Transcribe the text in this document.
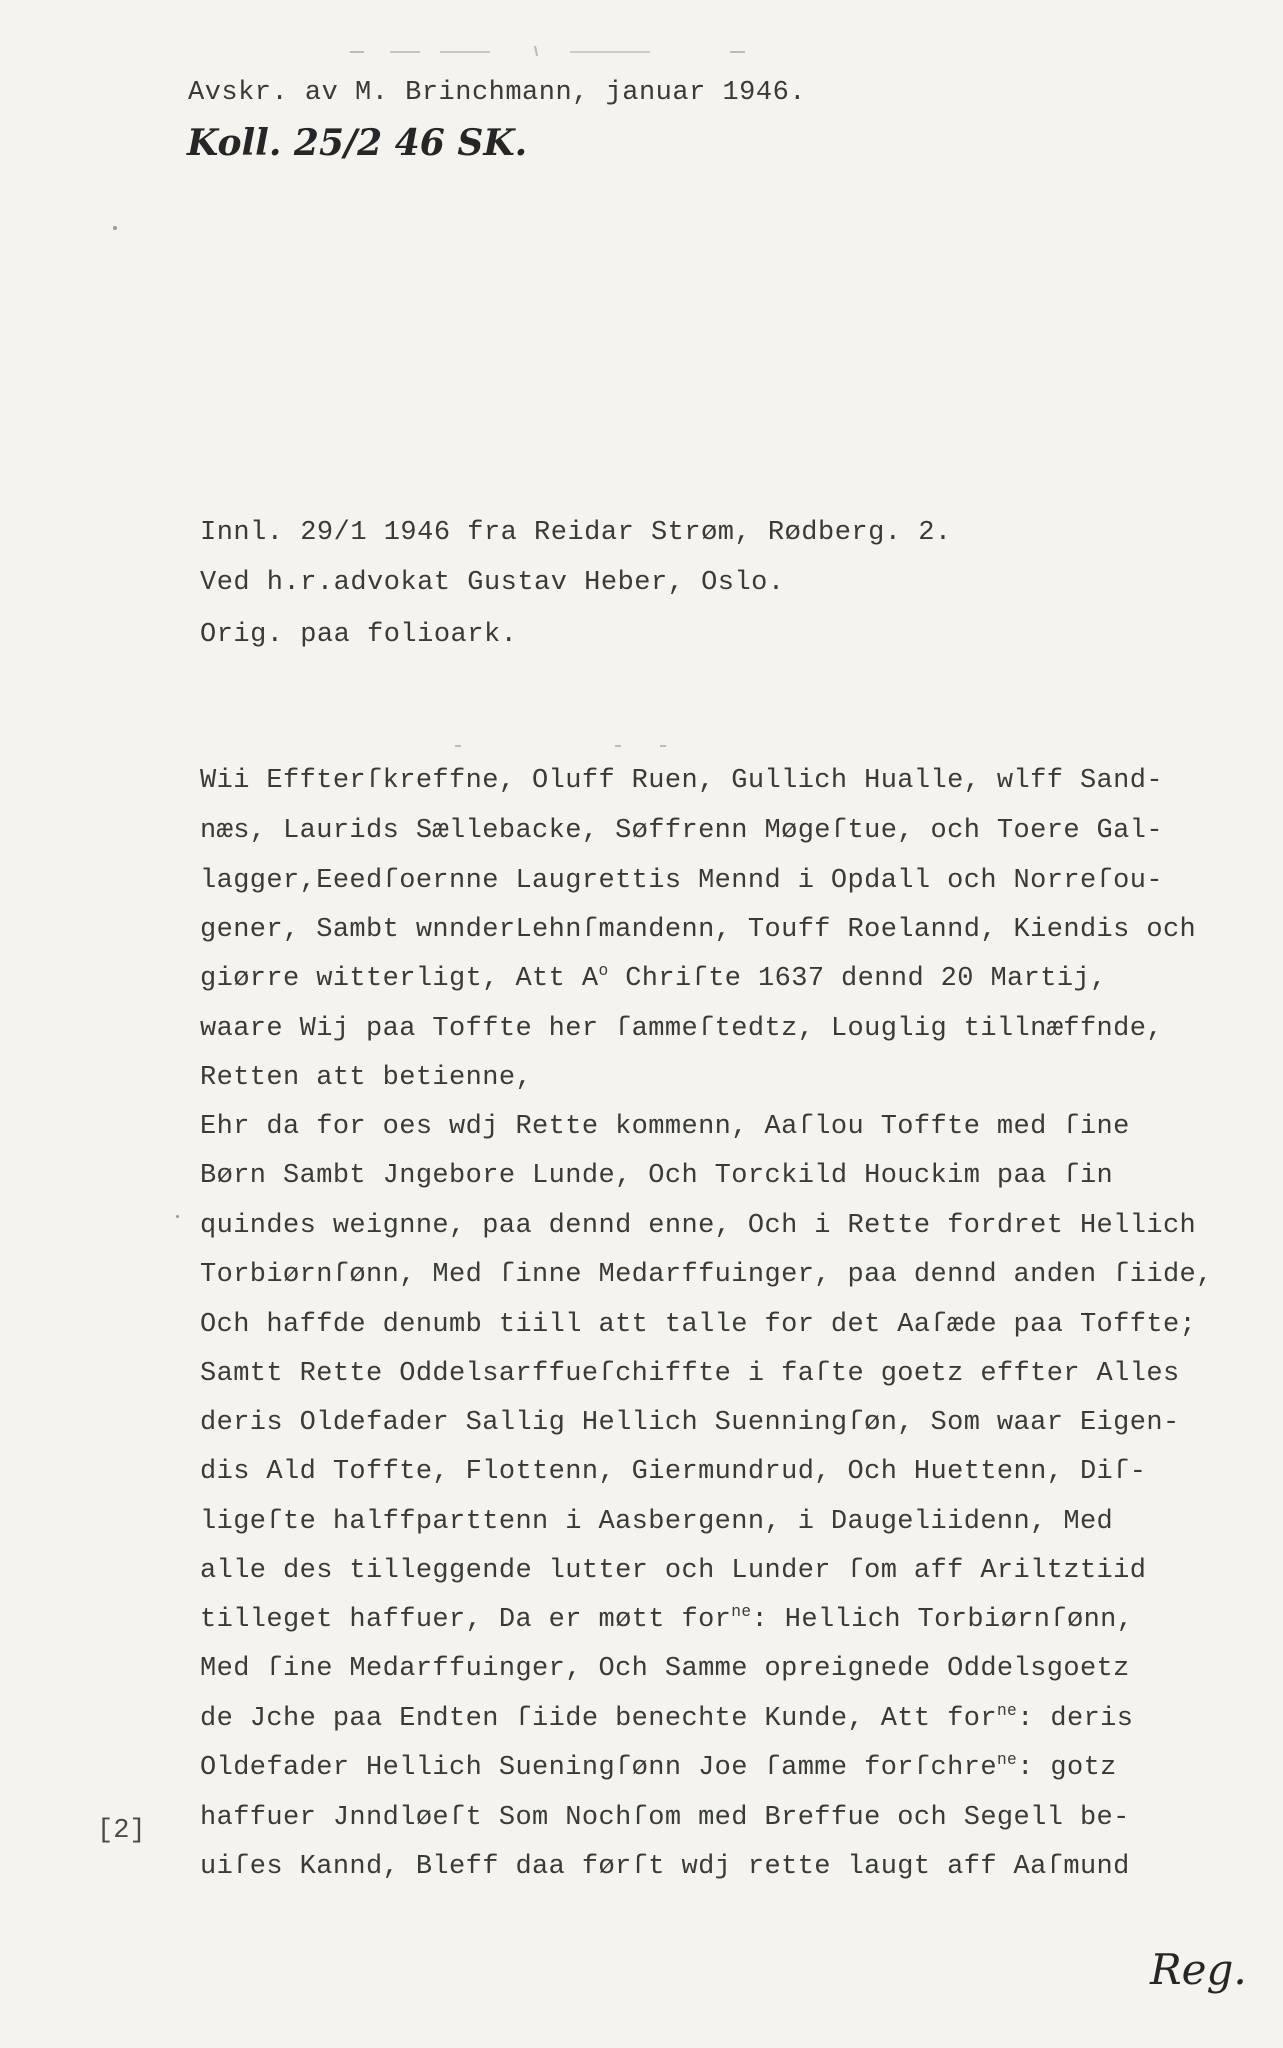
Avskr. av M. Brinchmann, januar 1946.
Koll. 25/2 46 SK.
Innl. 29/1 1946 fra Reidar Strøm, Rødberg. 2.
Ved h.r.advokat Gustav Heber, Oslo.
Orig. paa folioark.
Wii Effterſkreffne, Oluff Ruen, Gullich Hualle, wlff Sand-
næs, Laurids Sællebacke, Søffrenn Møgeſtue, och Toere Gal-
lagger,Eeedſoernne Laugrettis Mennd i Opdall och Norreſou-
gener, Sambt wnnderLehnſmandenn, Touff Roelannd, Kiendis och
giørre witterligt, Att $A^o$ Chriſte 1637 dennd 20 Martij,
waare Wij paa Toffte her ſammeſtedtz, Louglig tillnæffnde,
Retten att betienne,
Ehr da for oes wdj Rette kommenn, Aaſlou Toffte med ſine
Børn Sambt Jngebore Lunde, Och Torckild Houckim paa ſin
quindes weignne, paa dennd enne, Och i Rette fordret Hellich
Torbiørnſønn, Med ſinne Medarffuinger, paa dennd anden ſiide,
Och haffde denumb tiill att talle for det Aaſæde paa Toffte;
Samtt Rette Oddelsarffueſchiffte i faſte goetz effter Alles
deris Oldefader Sallig Hellich Suenningſøn, Som waar Eigen-
dis Ald Toffte, Flottenn, Giermundrud, Och Huettenn, Diſ-
ligeſte halffparttenn i Aasbergenn, i Daugeliidenn, Med
alle des tilleggende lutter och Lunder ſom aff Ariltztiid
tilleget haffuer, Da er møtt for$^{ne}$: Hellich Torbiørnſønn,
Med ſine Medarffuinger, Och Samme opreignede Oddelsgoetz
de Jche paa Endten ſiide benechte Kunde, Att for$^{ne}$: deris
Oldefader Hellich Sueningſønn Joe ſamme forſchre$^{ne}$: gotz
haffuer Jnndløeſt Som Nochſom med Breffue och Segell be-
uiſes Kannd, Bleff daa førſt wdj rette laugt aff Aaſmund
[2]
Reg.
